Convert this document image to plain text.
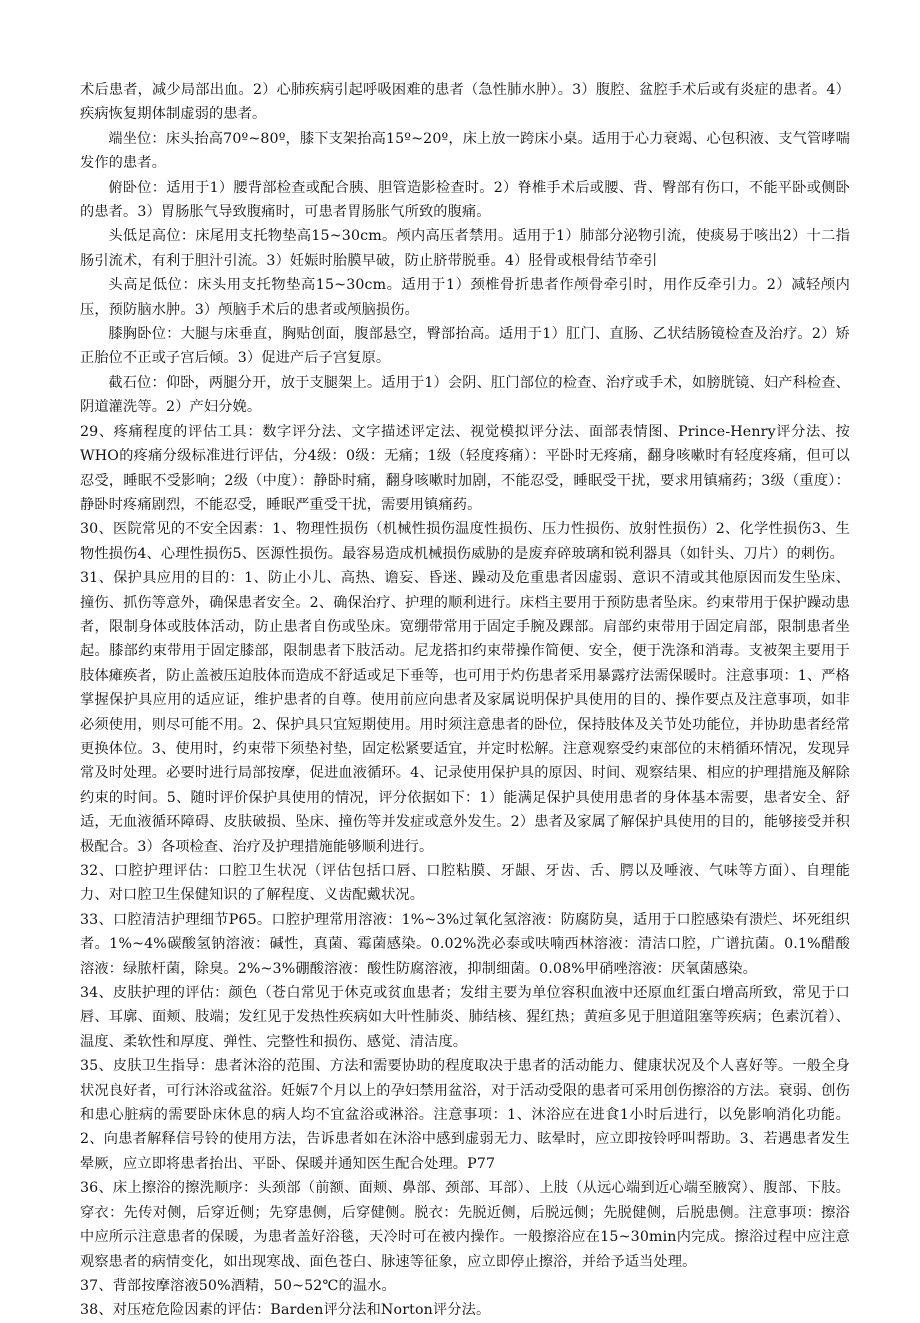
术后患者，减少局部出血。2）心肺疾病引起呼吸困难的患者（急性肺水肿）。3）腹腔、盆腔手术后或有炎症的患者。4）疾病恢复期体制虚弱的患者。

端坐位：床头抬高70º~80º，膝下支架抬高15º~20º，床上放一跨床小桌。适用于心力衰竭、心包积液、支气管哮喘发作的患者。

俯卧位：适用于1）腰背部检查或配合胰、胆管造影检查时。2）脊椎手术后或腰、背、臀部有伤口，不能平卧或侧卧的患者。3）胃肠胀气导致腹痛时，可患者胃肠胀气所致的腹痛。

头低足高位：床尾用支托物垫高15~30cm。颅内高压者禁用。适用于1）肺部分泌物引流，使痰易于咳出2）十二指肠引流术，有利于胆汁引流。3）妊娠时胎膜早破，防止脐带脱垂。4）胫骨或根骨结节牵引

头高足低位：床头用支托物垫高15~30cm。适用于1）颈椎骨折患者作颅骨牵引时，用作反牵引力。2）减轻颅内压，预防脑水肿。3）颅脑手术后的患者或颅脑损伤。

膝胸卧位：大腿与床垂直，胸贴创面，腹部悬空，臀部抬高。适用于1）肛门、直肠、乙状结肠镜检查及治疗。2）矫正胎位不正或子宫后倾。3）促进产后子宫复原。

截石位：仰卧，两腿分开，放于支腿架上。适用于1）会阴、肛门部位的检查、治疗或手术，如膀胱镜、妇产科检查、阴道灌洗等。2）产妇分娩。

29、疼痛程度的评估工具：数字评分法、文字描述评定法、视觉模拟评分法、面部表情图、Prince-Henry评分法、按WHO的疼痛分级标准进行评估，分4级：0级：无痛；1级（轻度疼痛）：平卧时无疼痛，翻身咳嗽时有轻度疼痛，但可以忍受，睡眠不受影响；2级（中度）：静卧时痛，翻身咳嗽时加剧，不能忍受，睡眠受干扰，要求用镇痛药；3级（重度）：静卧时疼痛剧烈，不能忍受，睡眠严重受干扰，需要用镇痛药。

30、医院常见的不安全因素：1、物理性损伤（机械性损伤温度性损伤、压力性损伤、放射性损伤）2、化学性损伤3、生物性损伤4、心理性损伤5、医源性损伤。最容易造成机械损伤威胁的是废弃碎玻璃和锐利器具（如针头、刀片）的刺伤。

31、保护具应用的目的：1、防止小儿、高热、谵妄、昏迷、躁动及危重患者因虚弱、意识不清或其他原因而发生坠床、撞伤、抓伤等意外，确保患者安全。2、确保治疗、护理的顺利进行。床档主要用于预防患者坠床。约束带用于保护躁动患者，限制身体或肢体活动，防止患者自伤或坠床。宽绷带常用于固定手腕及踝部。肩部约束带用于固定肩部，限制患者坐起。膝部约束带用于固定膝部，限制患者下肢活动。尼龙搭扣约束带操作简便、安全，便于洗涤和消毒。支被架主要用于肢体瘫痪者，防止盖被压迫肢体而造成不舒适或足下垂等，也可用于灼伤患者采用暴露疗法需保暖时。注意事项：1、严格掌握保护具应用的适应证，维护患者的自尊。使用前应向患者及家属说明保护具使用的目的、操作要点及注意事项，如非必须使用，则尽可能不用。2、保护具只宜短期使用。用时须注意患者的卧位，保持肢体及关节处功能位，并协助患者经常更换体位。3、使用时，约束带下须垫衬垫，固定松紧要适宜，并定时松解。注意观察受约束部位的末梢循环情况，发现异常及时处理。必要时进行局部按摩，促进血液循环。4、记录使用保护具的原因、时间、观察结果、相应的护理措施及解除约束的时间。5、随时评价保护具使用的情况，评分依据如下：1）能满足保护具使用患者的身体基本需要，患者安全、舒适，无血液循环障碍、皮肤破损、坠床、撞伤等并发症或意外发生。2）患者及家属了解保护具使用的目的，能够接受并积极配合。3）各项检查、治疗及护理措施能够顺利进行。

32、口腔护理评估：口腔卫生状况（评估包括口唇、口腔粘膜、牙龈、牙齿、舌、腭以及唾液、气味等方面）、自理能力、对口腔卫生保健知识的了解程度、义齿配戴状况。

33、口腔清洁护理细节P65。口腔护理常用溶液：1%~3%过氧化氢溶液：防腐防臭，适用于口腔感染有溃烂、坏死组织者。1%~4%碳酸氢钠溶液：碱性，真菌、霉菌感染。0.02%洗必泰或呋喃西林溶液：清洁口腔，广谱抗菌。0.1%醋酸溶液：绿脓杆菌，除臭。2%~3%硼酸溶液：酸性防腐溶液，抑制细菌。0.08%甲硝唑溶液：厌氧菌感染。

34、皮肤护理的评估：颜色（苍白常见于休克或贫血患者；发绀主要为单位容积血液中还原血红蛋白增高所致，常见于口唇、耳廓、面颊、肢端；发红见于发热性疾病如大叶性肺炎、肺结核、猩红热；黄疸多见于胆道阻塞等疾病；色素沉着）、温度、柔软性和厚度、弹性、完整性和损伤、感觉、清洁度。

35、皮肤卫生指导：患者沐浴的范围、方法和需要协助的程度取决于患者的活动能力、健康状况及个人喜好等。一般全身状况良好者，可行沐浴或盆浴。妊娠7个月以上的孕妇禁用盆浴，对于活动受限的患者可采用创伤擦浴的方法。衰弱、创伤和患心脏病的需要卧床休息的病人均不宜盆浴或淋浴。注意事项：1、沐浴应在进食1小时后进行，以免影响消化功能。2、向患者解释信号铃的使用方法，告诉患者如在沐浴中感到虚弱无力、眩晕时，应立即按铃呼叫帮助。3、若遇患者发生晕厥，应立即将患者抬出、平卧、保暖并通知医生配合处理。P77

36、床上擦浴的擦洗顺序：头颈部（前额、面颊、鼻部、颈部、耳部）、上肢（从远心端到近心端至腋窝）、腹部、下肢。穿衣：先传对侧，后穿近侧；先穿患侧，后穿健侧。脱衣：先脱近侧，后脱远侧；先脱健侧，后脱患侧。注意事项：擦浴中应所示注意患者的保暖，为患者盖好浴毯，天冷时可在被内操作。一般擦浴应在15~30min内完成。擦浴过程中应注意观察患者的病情变化，如出现寒战、面色苍白、脉速等征象，应立即停止擦浴，并给予适当处理。

37、背部按摩溶液50%酒精，50~52℃的温水。

38、对压疮危险因素的评估：Barden评分法和Norton评分法。
